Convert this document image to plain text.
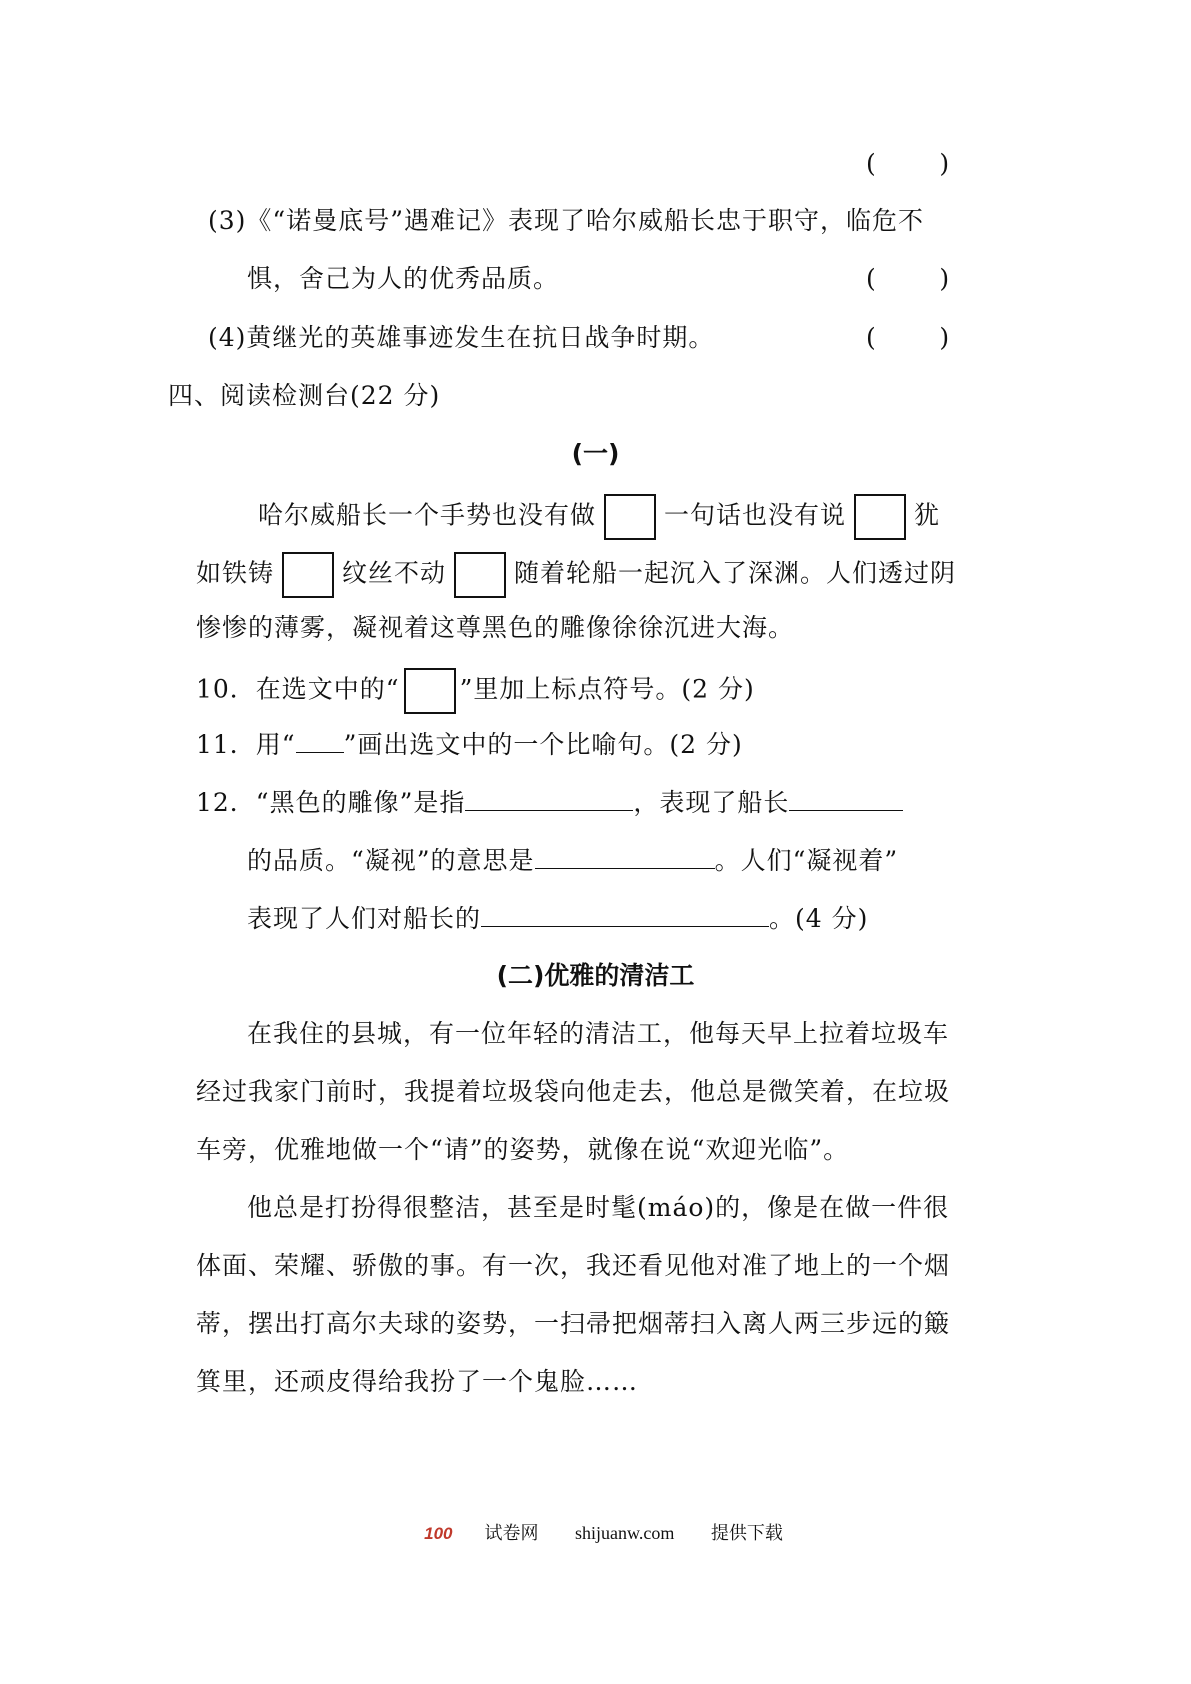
(        )
(3)《“诺曼底号”遇难记》表现了哈尔威船长忠于职守，临危不
惧，舍己为人的优秀品质。	(        )
(4)黄继光的英雄事迹发生在抗日战争时期。	(        )
四、阅读检测台(22 分)
(一)
哈尔威船长一个手势也没有做	一句话也没有说	犹
如铁铸	纹丝不动	随着轮船一起沉入了深渊。人们透过阴
惨惨的薄雾，凝视着这尊黑色的雕像徐徐沉进大海。
10．在选文中的“ ”里加上标点符号。(2 分)
11．用“ ”画出选文中的一个比喻句。(2 分)
12．“黑色的雕像”是指	，表现了船长
的品质。“凝视”的意思是	。人们“凝视着”
表现了人们对船长的	。(4 分)
(二)优雅的清洁工
在我住的县城，有一位年轻的清洁工，他每天早上拉着垃圾车
经过我家门前时，我提着垃圾袋向他走去，他总是微笑着，在垃圾
车旁，优雅地做一个“请”的姿势，就像在说“欢迎光临”。
他总是打扮得很整洁，甚至是时髦(máo)的，像是在做一件很
体面、荣耀、骄傲的事。有一次，我还看见他对准了地上的一个烟
蒂，摆出打高尔夫球的姿势，一扫帚把烟蒂扫入离人两三步远的簸
箕里，还顽皮得给我扮了一个鬼脸……
100 试卷网 shijuanw.com 提供下载
